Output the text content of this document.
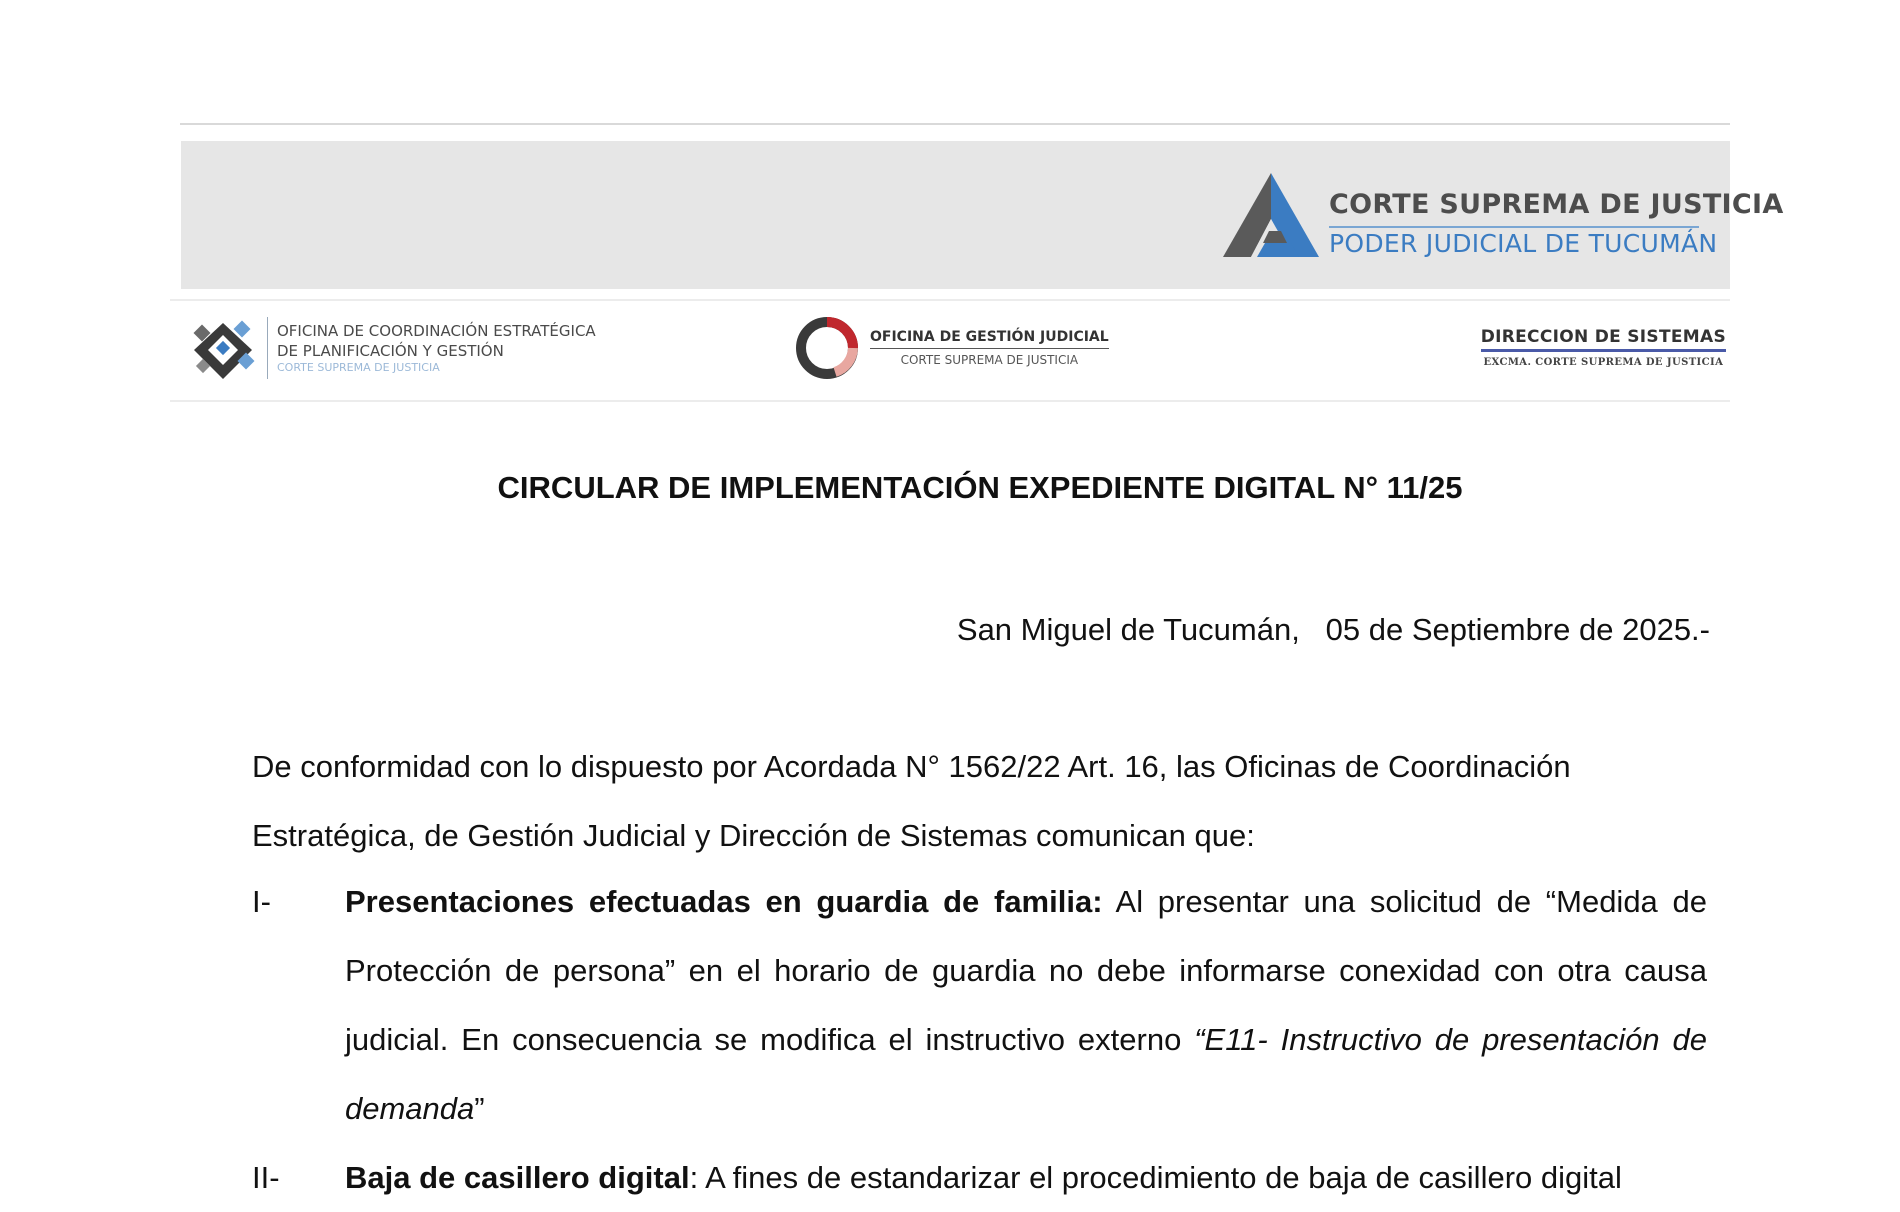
CORTE SUPREMA DE JUSTICIA
PODER JUDICIAL DE TUCUMÁN
OFICINA DE COORDINACIÓN ESTRATÉGICA
DE PLANIFICACIÓN Y GESTIÓN
CORTE SUPREMA DE JUSTICIA
OFICINA DE GESTIÓN JUDICIAL
CORTE SUPREMA DE JUSTICIA
DIRECCION DE SISTEMAS
EXCMA. CORTE SUPREMA DE JUSTICIA
CIRCULAR DE IMPLEMENTACIÓN EXPEDIENTE DIGITAL N° 11/25
San Miguel de Tucumán, 05 de Septiembre de 2025.-
De conformidad con lo dispuesto por Acordada N° 1562/22 Art. 16, las Oficinas de Coordinación
Estratégica, de Gestión Judicial y Dirección de Sistemas comunican que:
I- Presentaciones efectuadas en guardia de familia: Al presentar una solicitud de “Medida de Protección de persona” en el horario de guardia no debe informarse conexidad con otra causa judicial. En consecuencia se modifica el instructivo externo “E11- Instructivo de presentación de demanda”
II- Baja de casillero digital: A fines de estandarizar el procedimiento de baja de casillero digital
